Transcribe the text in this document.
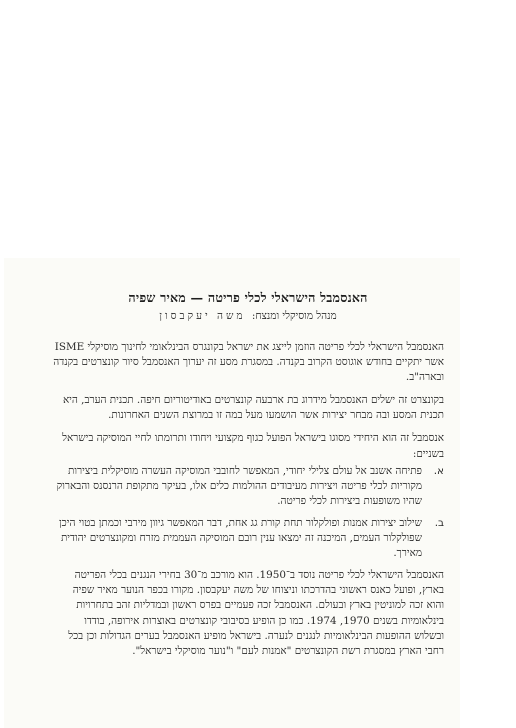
האנסמבל הישראלי לכלי פריטה — מאיר שפיה
מנהל מוסיקלי ומנצח: משה יעקבסון

האנסמבל הישראלי לכלי פריטה הוזמן לייצג את ישראל בקונגרס הבינלאומי לחינוך מוסיקלי ISME אשר יתקיים בחודש אוגוסט הקרוב בקנדה. במסגרת מסע זה יערוך האנסמבל סיור קונצרטים בקנדה ובארה"ב.

בקונצרט זה ישלים האנסמבל מידרוג בת ארבעה קונצרטים באודיטוריום חיפה. תכנית הערב, היא תכנית המסע ובה מבחר יצירות אשר הושמעו מעל במה זו במרוצת השנים האחרונות.

אנסמבל זה הוא היחידי מסוגו בישראל הפועל כגוף מקצועי ויחודו ותרומתו לחיי המוסיקה בישראל בשניים:

א.
פתיחה אשנב אל עולם צלילי יחודי, המאפשר לחובבי המוסיקה העשרה מוסיקלית ביצירות מקוריות לכלי פריטה ויצירות מעיבודים ההולמות כלים אלו, בעיקר מתקופת הרנסנס והבארוק שהיו משופעות ביצירות לכלי פריטה.
ב.
שילוב יצירות אמנות ופולקלור תחת קורת גג אחת, דבר המאפשר גיוון מירבי וכמתן בטוי היכן שפולקלור העמים, המיכנה זה ימצאו ענין רובם המוסיקה העממית מזרח ומקונצרטים יהודית מאירך.

האנסמבל הישראלי לכלי פריטה נוסד ב־1950. הוא מורכב מ־30 בחירי הנגנים בכלי הפריטה בארץ, ופועל כאנס ראשוני בהדרכתו וניצוחו של משה יעקבסון. מקורו בכפר הנוער מאיר שפיה והוא זכה למוניטין בארץ ובעולם. האנסמבל זכה פעמיים בפרס ראשון ובמדליות זהב בתחרויות בינלאומיות בשנים 1970, 1974. כמו כן הופיע בסיבובי קונצרטים באוצרות אירופה, בודדו ובשלוש ההופעות הבינלאומיות לנגנים לנערה. בישראל מופיע האנסמבל בערים הגדולות וכן בכל רחבי הארץ במסגרת רשת הקונצרטים "אמנות לעם" ו"נוער מוסיקלי בישראל".
